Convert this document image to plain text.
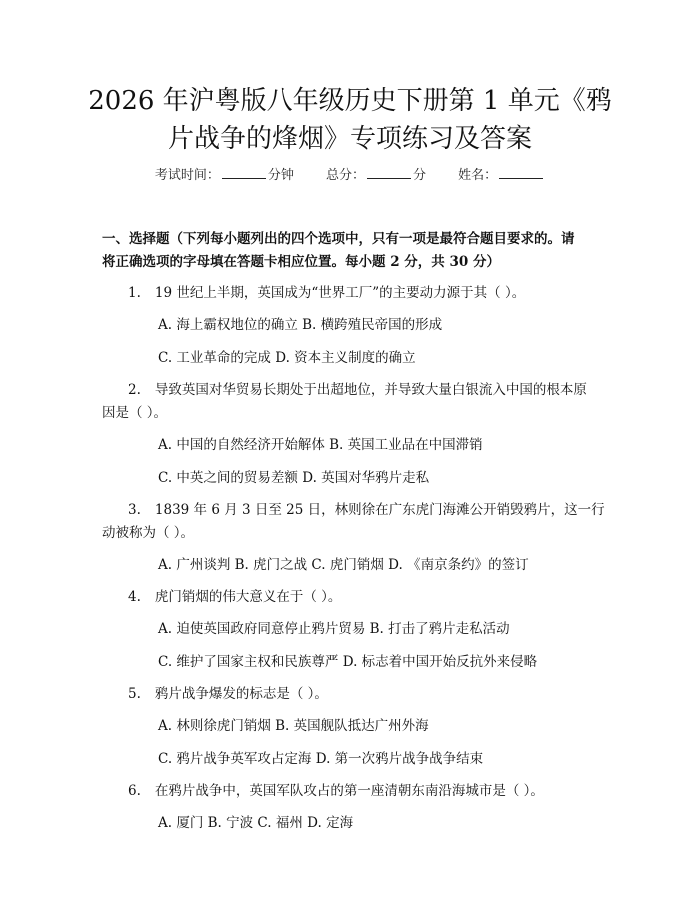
2026 年沪粤版八年级历史下册第 1 单元《鸦
片战争的烽烟》专项练习及答案
考试时间：	分钟 总分：	分 姓名：
一、选择题（下列每小题列出的四个选项中，只有一项是最符合题目要求的。请
将正确选项的字母填在答题卡相应位置。每小题 2 分，共 30 分）
1. 19 世纪上半期，英国成为“世界工厂”的主要动力源于其（ ）。
A. 海上霸权地位的确立 B. 横跨殖民帝国的形成
C. 工业革命的完成 D. 资本主义制度的确立
2. 导致英国对华贸易长期处于出超地位，并导致大量白银流入中国的根本原
因是（ ）。
A. 中国的自然经济开始解体 B. 英国工业品在中国滞销
C. 中英之间的贸易差额 D. 英国对华鸦片走私
3. 1839 年 6 月 3 日至 25 日，林则徐在广东虎门海滩公开销毁鸦片，这一行
动被称为（ ）。
A. 广州谈判 B. 虎门之战 C. 虎门销烟 D. 《南京条约》的签订
4. 虎门销烟的伟大意义在于（ ）。
A. 迫使英国政府同意停止鸦片贸易 B. 打击了鸦片走私活动
C. 维护了国家主权和民族尊严 D. 标志着中国开始反抗外来侵略
5. 鸦片战争爆发的标志是（ ）。
A. 林则徐虎门销烟 B. 英国舰队抵达广州外海
C. 鸦片战争英军攻占定海 D. 第一次鸦片战争战争结束
6. 在鸦片战争中，英国军队攻占的第一座清朝东南沿海城市是（ ）。
A. 厦门 B. 宁波 C. 福州 D. 定海
